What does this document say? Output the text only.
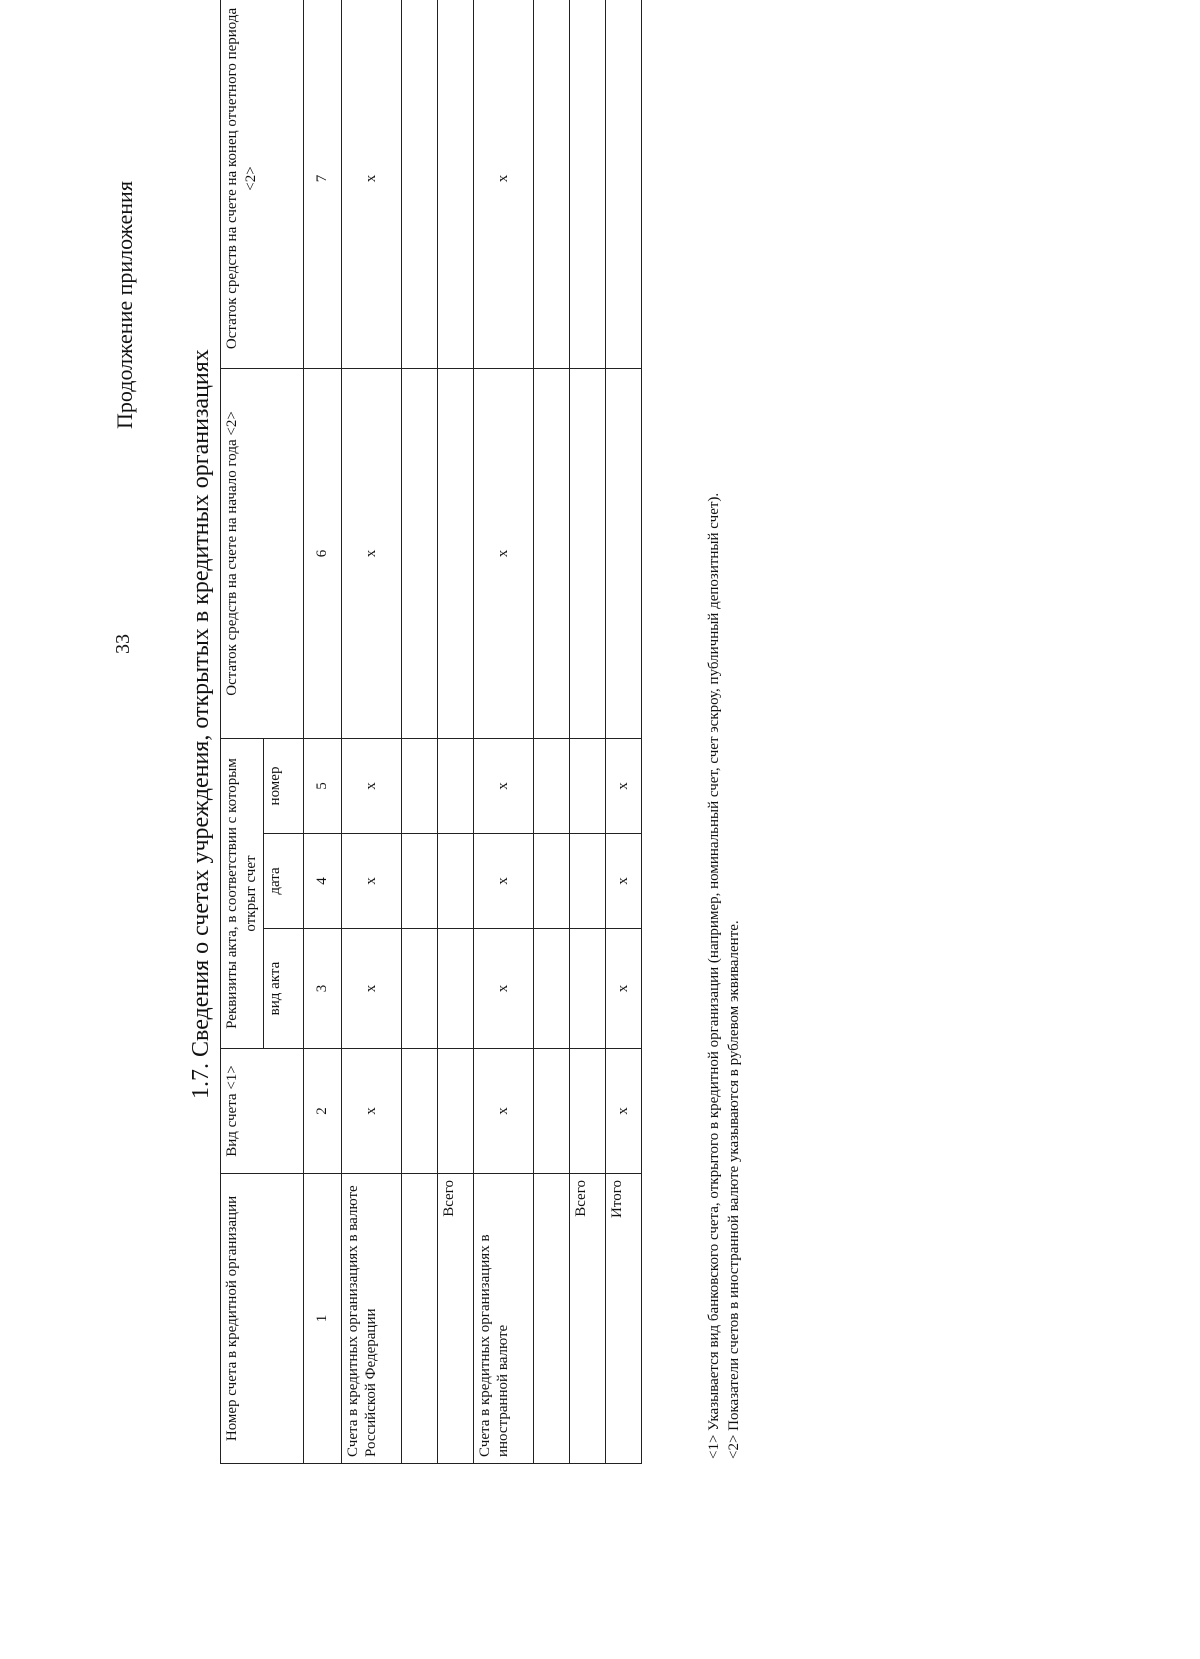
33
Продолжение приложения
1.7. Сведения о счетах учреждения, открытых в кредитных организациях
Номер счета в кредитной организации	Вид счета <1>	Реквизиты акта, в соответствии с которым открыт счет			Остаток средств на счете на начало года <2>	Остаток средств на счете на конец отчетного периода <2>
		вид акта	дата	номер		
1	2	3	4	5	6	7
Счета в кредитных организациях в валюте Российской Федерации	x	x	x	x	x	x

Всего						
Счета в кредитных организациях в иностранной валюте	x	x	x	x	x	x

Всего						
Итого	x	x	x	x			<1> Указывается вид банковского счета, открытого в кредитной организации (например, номинальный счет, счет эскроу, публичный депозитный счет). <2> Показатели счетов в иностранной валюте указываются в рублевом эквиваленте.
